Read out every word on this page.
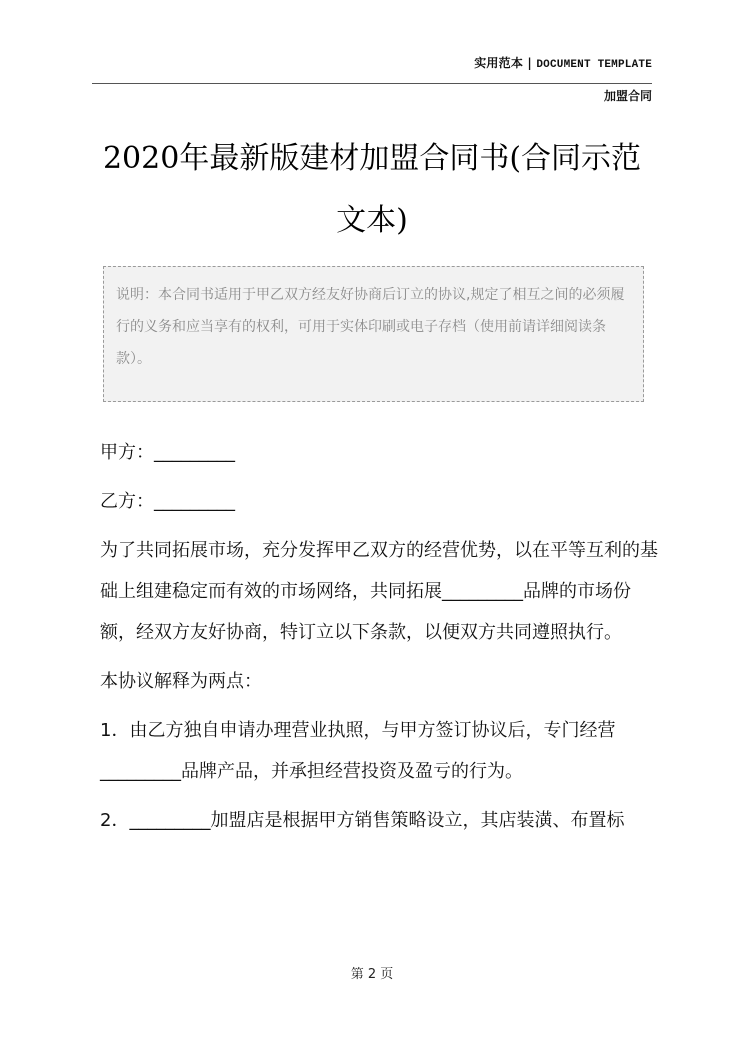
实用范本 | DOCUMENT TEMPLATE
加盟合同
2020年最新版建材加盟合同书(合同示范文本)
说明：本合同书适用于甲乙双方经友好协商后订立的协议,规定了相互之间的必须履行的义务和应当享有的权利，可用于实体印刷或电子存档（使用前请详细阅读条款）。

甲方：_________

乙方：_________

为了共同拓展市场，充分发挥甲乙双方的经营优势，以在平等互利的基础上组建稳定而有效的市场网络，共同拓展_________品牌的市场份额，经双方友好协商，特订立以下条款，以便双方共同遵照执行。

本协议解释为两点：

1．由乙方独自申请办理营业执照，与甲方签订协议后，专门经营_________品牌产品，并承担经营投资及盈亏的行为。

2．_________加盟店是根据甲方销售策略设立，其店装潢、布置标

第 2 页
